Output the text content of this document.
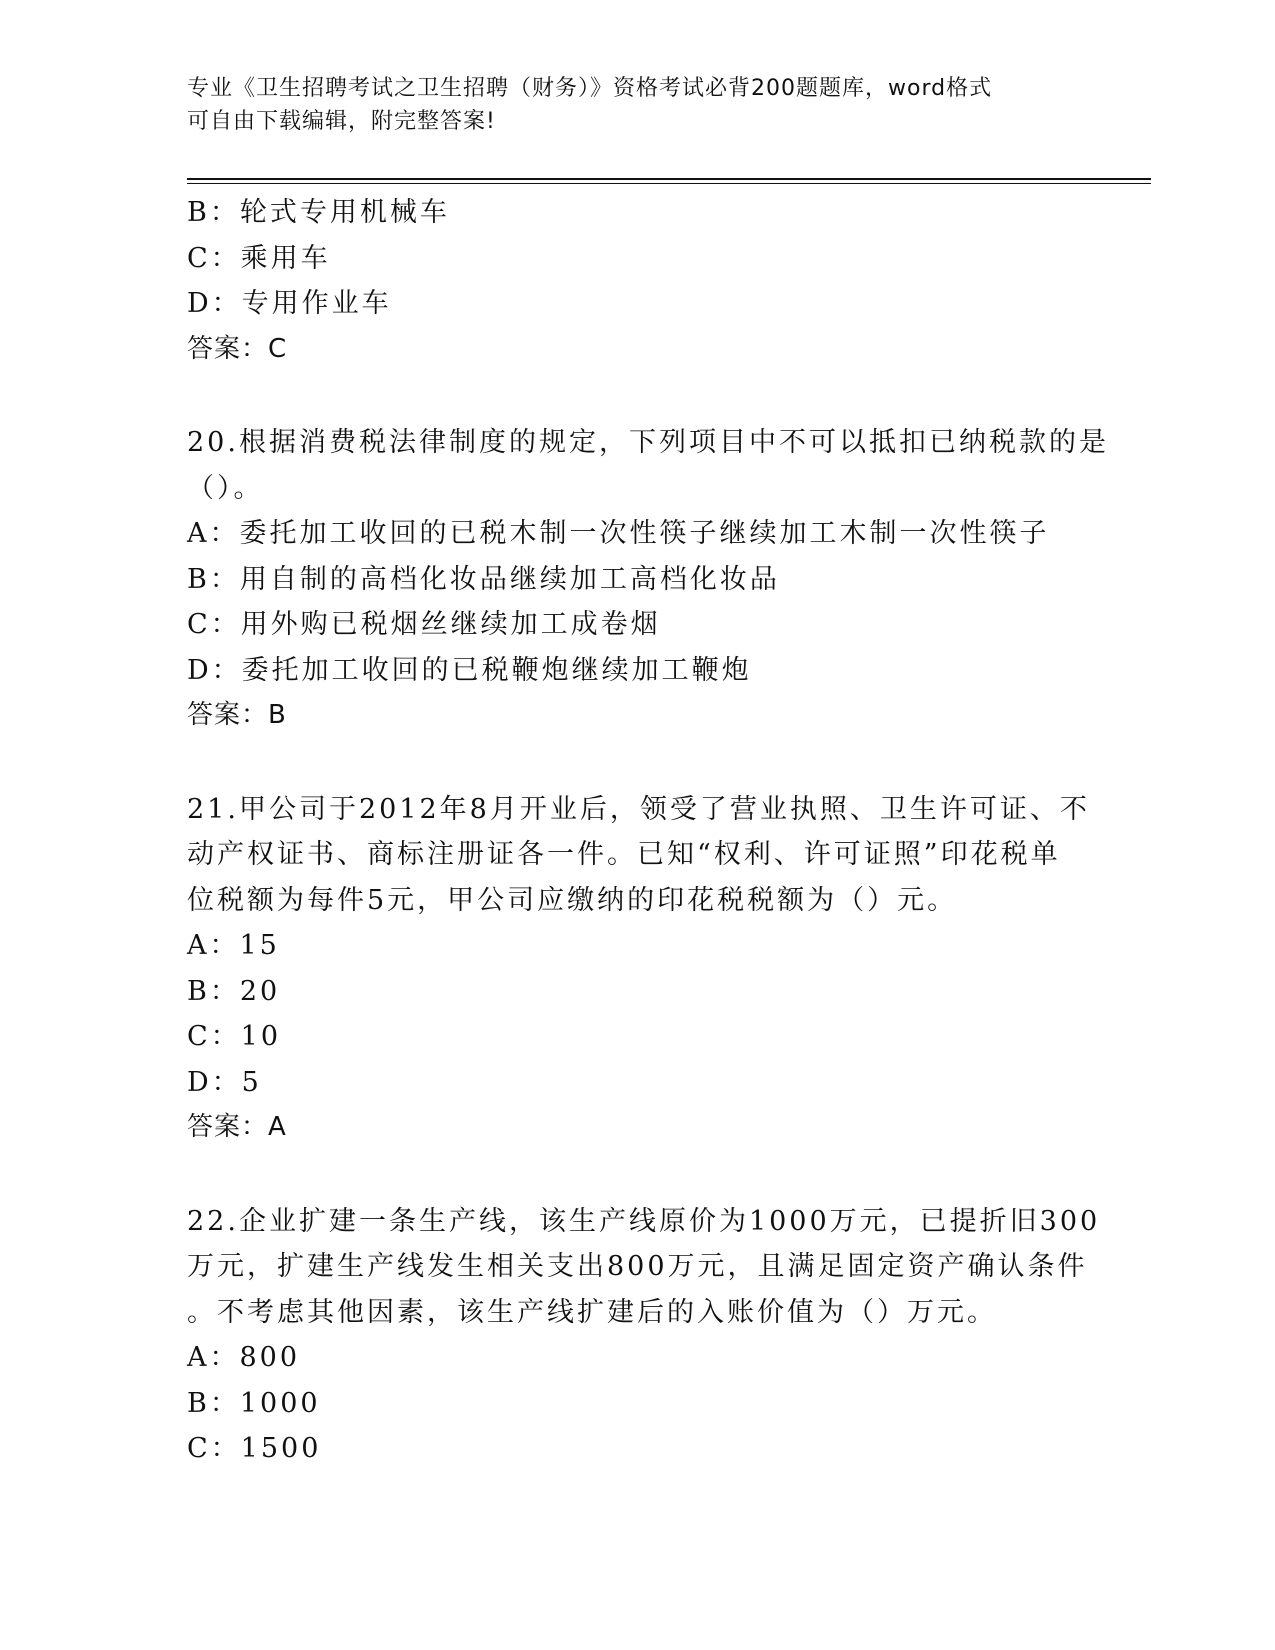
专业《卫生招聘考试之卫生招聘（财务）》资格考试必背200题题库，word格式
可自由下载编辑，附完整答案!
B：轮式专用机械车
C：乘用车
D：专用作业车
答案：C
20.根据消费税法律制度的规定，下列项目中不可以抵扣已纳税款的是
（）。
A：委托加工收回的已税木制一次性筷子继续加工木制一次性筷子
B：用自制的高档化妆品继续加工高档化妆品
C：用外购已税烟丝继续加工成卷烟
D：委托加工收回的已税鞭炮继续加工鞭炮
答案：B
21.甲公司于2012年8月开业后，领受了营业执照、卫生许可证、不
动产权证书、商标注册证各一件。已知“权利、许可证照”印花税单
位税额为每件5元，甲公司应缴纳的印花税税额为（）元。
A：15
B：20
C：10
D：5
答案：A
22.企业扩建一条生产线，该生产线原价为1000万元，已提折旧300
万元，扩建生产线发生相关支出800万元，且满足固定资产确认条件
。不考虑其他因素，该生产线扩建后的入账价值为（）万元。
A：800
B：1000
C：1500
